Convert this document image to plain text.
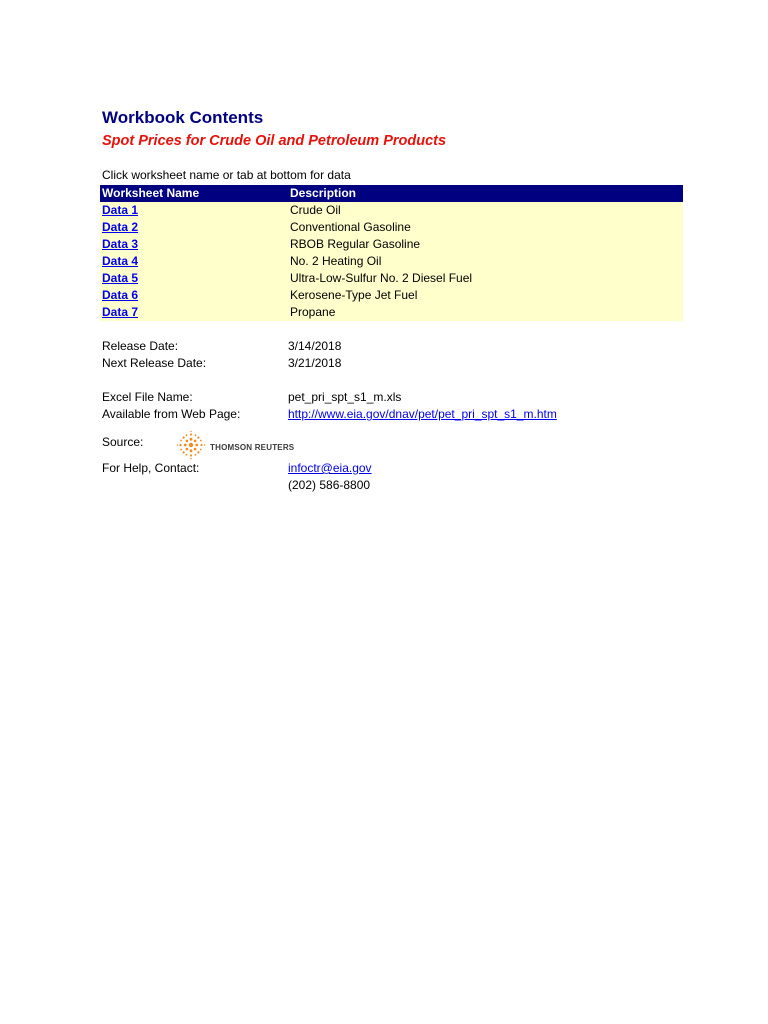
Workbook Contents
Spot Prices for Crude Oil and Petroleum Products
Click worksheet name or tab at bottom for data
Worksheet Name	Description
Data 1	Crude Oil
Data 2	Conventional Gasoline
Data 3	RBOB Regular Gasoline
Data 4	No. 2 Heating Oil
Data 5	Ultra-Low-Sulfur No. 2 Diesel Fuel
Data 6	Kerosene-Type Jet Fuel
Data 7	Propane
Release Date:	3/14/2018
Next Release Date:	3/21/2018
Excel File Name:	pet_pri_spt_s1_m.xls
Available from Web Page:	http://www.eia.gov/dnav/pet/pet_pri_spt_s1_m.htm
Source:	THOMSON REUTERS
For Help, Contact:	infoctr@eia.gov
(202) 586-8800
